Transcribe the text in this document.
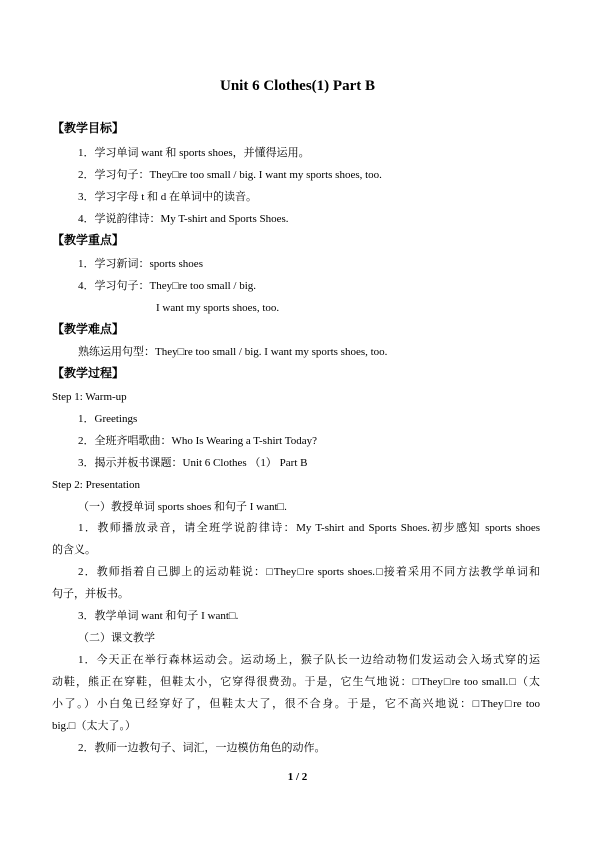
Unit 6 Clothes(1) Part B
【教学目标】
1．学习单词 want 和 sports shoes，并懂得运用。
2．学习句子：They□re too small / big. I want my sports shoes, too.
3．学习字母 t 和 d 在单词中的读音。
4．学说韵律诗：My T-shirt and Sports Shoes.
【教学重点】
1．学习新词：sports shoes
4．学习句子：They□re too small / big.
I want my sports shoes, too.
【教学难点】
熟练运用句型：They□re too small / big. I want my sports shoes, too.
【教学过程】
Step 1: Warm-up
1．Greetings
2．全班齐唱歌曲：Who Is Wearing a T-shirt Today?
3．揭示并板书课题：Unit 6 Clothes （1） Part B
Step 2: Presentation
（一）教授单词 sports shoes 和句子 I want□.
1．教师播放录音，请全班学说韵律诗：My T-shirt and Sports Shoes.初步感知 sports shoes
的含义。
2．教师指着自己脚上的运动鞋说：□They□re sports shoes.□接着采用不同方法教学单词和
句子，并板书。
3．教学单词 want 和句子 I want□.
（二）课文教学
1．今天正在举行森林运动会。运动场上，猴子队长一边给动物们发运动会入场式穿的运
动鞋，熊正在穿鞋，但鞋太小，它穿得很费劲。于是，它生气地说：□They□re too small.□（太
小了。）小白兔已经穿好了，但鞋太大了，很不合身。于是，它不高兴地说：□They□re too
big.□（太大了。）
2．教师一边教句子、词汇，一边模仿角色的动作。
1 / 2
